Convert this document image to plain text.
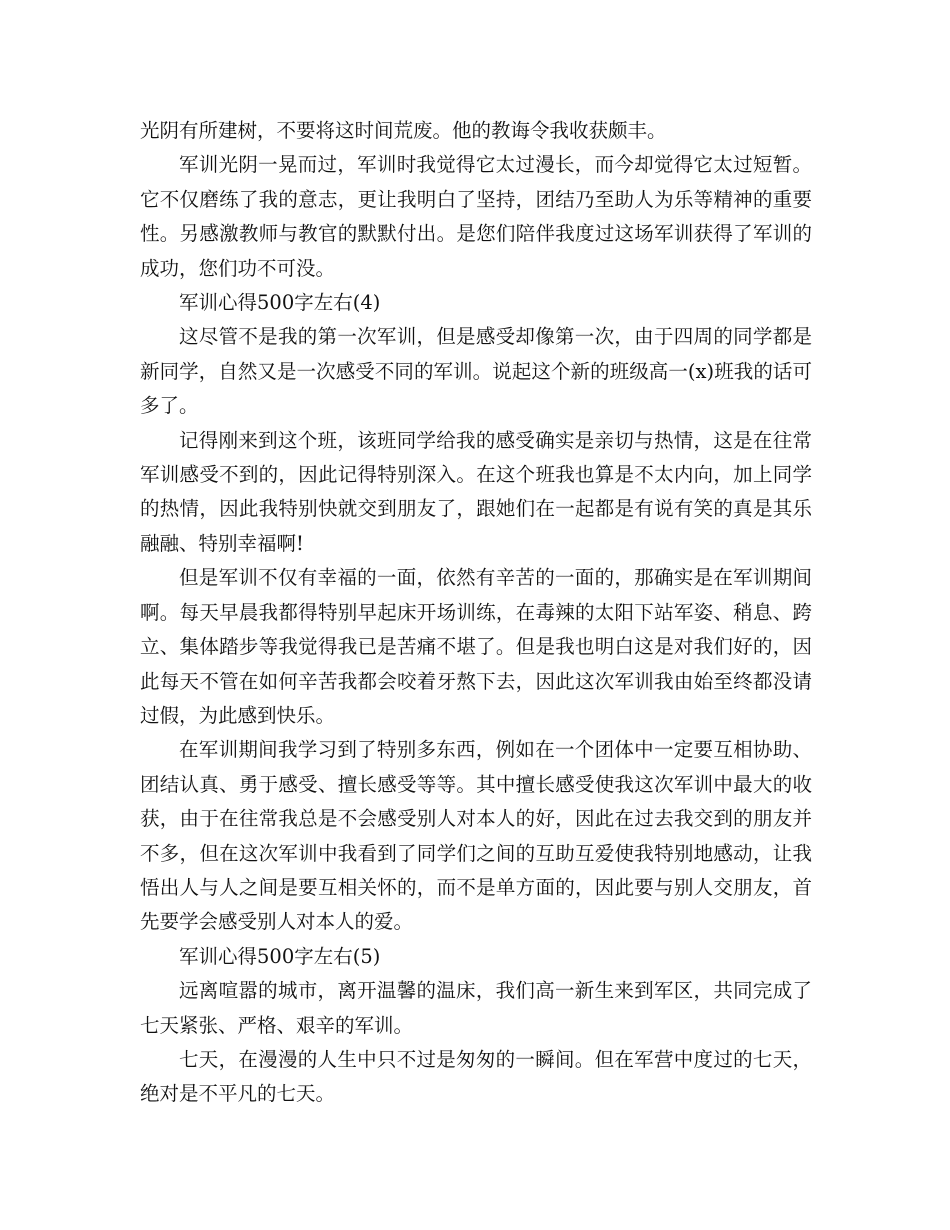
光阴有所建树，不要将这时间荒废。他的教诲令我收获颇丰。

军训光阴一晃而过，军训时我觉得它太过漫长，而今却觉得它太过短暂。它不仅磨练了我的意志，更让我明白了坚持，团结乃至助人为乐等精神的重要性。另感激教师与教官的默默付出。是您们陪伴我度过这场军训获得了军训的成功，您们功不可没。

军训心得500字左右(4)

这尽管不是我的第一次军训，但是感受却像第一次，由于四周的同学都是新同学，自然又是一次感受不同的军训。说起这个新的班级高一(x)班我的话可多了。

记得刚来到这个班，该班同学给我的感受确实是亲切与热情，这是在往常军训感受不到的，因此记得特别深入。在这个班我也算是不太内向，加上同学的热情，因此我特别快就交到朋友了，跟她们在一起都是有说有笑的真是其乐融融、特别幸福啊!

但是军训不仅有幸福的一面，依然有辛苦的一面的，那确实是在军训期间啊。每天早晨我都得特别早起床开场训练，在毒辣的太阳下站军姿、稍息、跨立、集体踏步等我觉得我已是苦痛不堪了。但是我也明白这是对我们好的，因此每天不管在如何辛苦我都会咬着牙熬下去，因此这次军训我由始至终都没请过假，为此感到快乐。

在军训期间我学习到了特别多东西，例如在一个团体中一定要互相协助、团结认真、勇于感受、擅长感受等等。其中擅长感受使我这次军训中最大的收获，由于在往常我总是不会感受别人对本人的好，因此在过去我交到的朋友并不多，但在这次军训中我看到了同学们之间的互助互爱使我特别地感动，让我悟出人与人之间是要互相关怀的，而不是单方面的，因此要与别人交朋友，首先要学会感受别人对本人的爱。

军训心得500字左右(5)

远离喧嚣的城市，离开温馨的温床，我们高一新生来到军区，共同完成了七天紧张、严格、艰辛的军训。

七天，在漫漫的人生中只不过是匆匆的一瞬间。但在军营中度过的七天，绝对是不平凡的七天。
